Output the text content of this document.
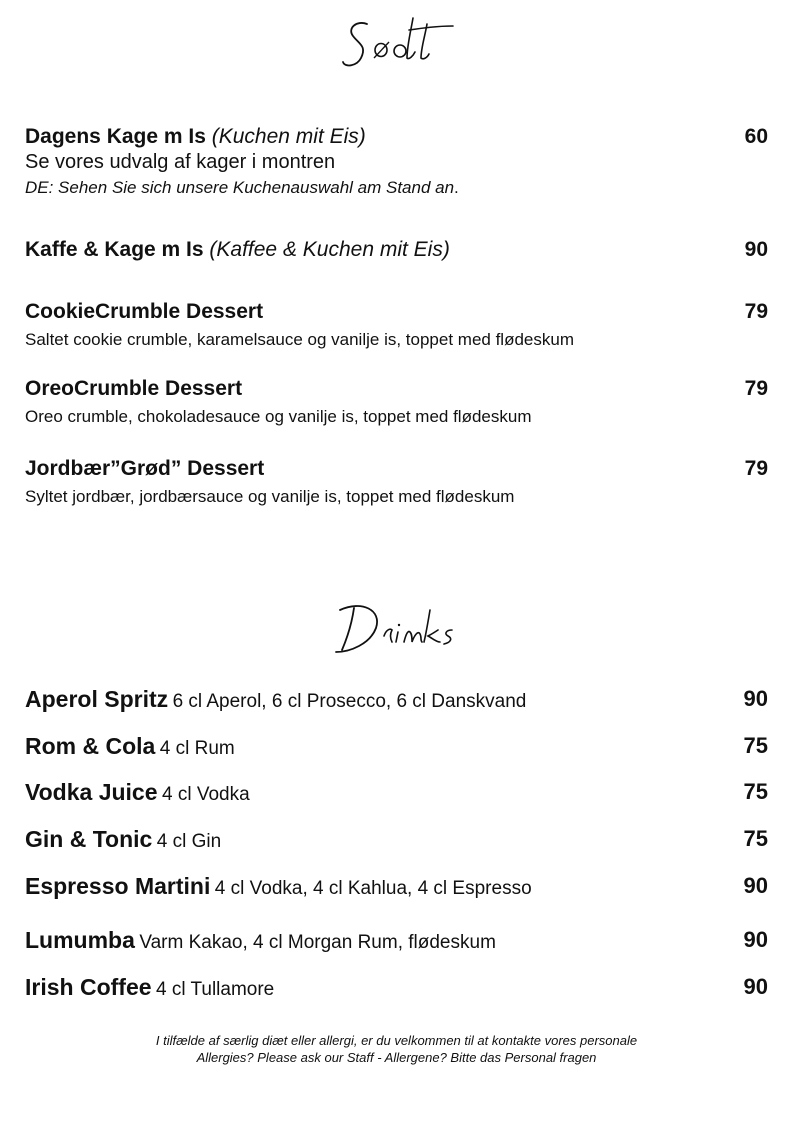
Dagens Kage m Is (Kuchen mit Eis)	60
Se vores udvalg af kager i montren
DE: Sehen Sie sich unsere Kuchenauswahl am Stand an.
Kaffe & Kage m Is (Kaffee & Kuchen mit Eis)	90
CookieCrumble Dessert	79
Saltet cookie crumble, karamelsauce og vanilje is, toppet med flødeskum
OreoCrumble Dessert	79
Oreo crumble, chokoladesauce og vanilje is, toppet med flødeskum
Jordbær”Grød” Dessert	79
Syltet jordbær, jordbærsauce og vanilje is, toppet med flødeskum
Aperol Spritz 6 cl Aperol, 6 cl Prosecco, 6 cl Danskvand	90
Rom & Cola 4 cl Rum	75
Vodka Juice 4 cl Vodka	75
Gin & Tonic 4 cl Gin	75
Espresso Martini 4 cl Vodka, 4 cl Kahlua, 4 cl Espresso	90
Lumumba Varm Kakao, 4 cl Morgan Rum, flødeskum	90
Irish Coffee 4 cl Tullamore	90
I tilfælde af særlig diæt eller allergi, er du velkommen til at kontakte vores personale
Allergies? Please ask our Staff - Allergene? Bitte das Personal fragen
